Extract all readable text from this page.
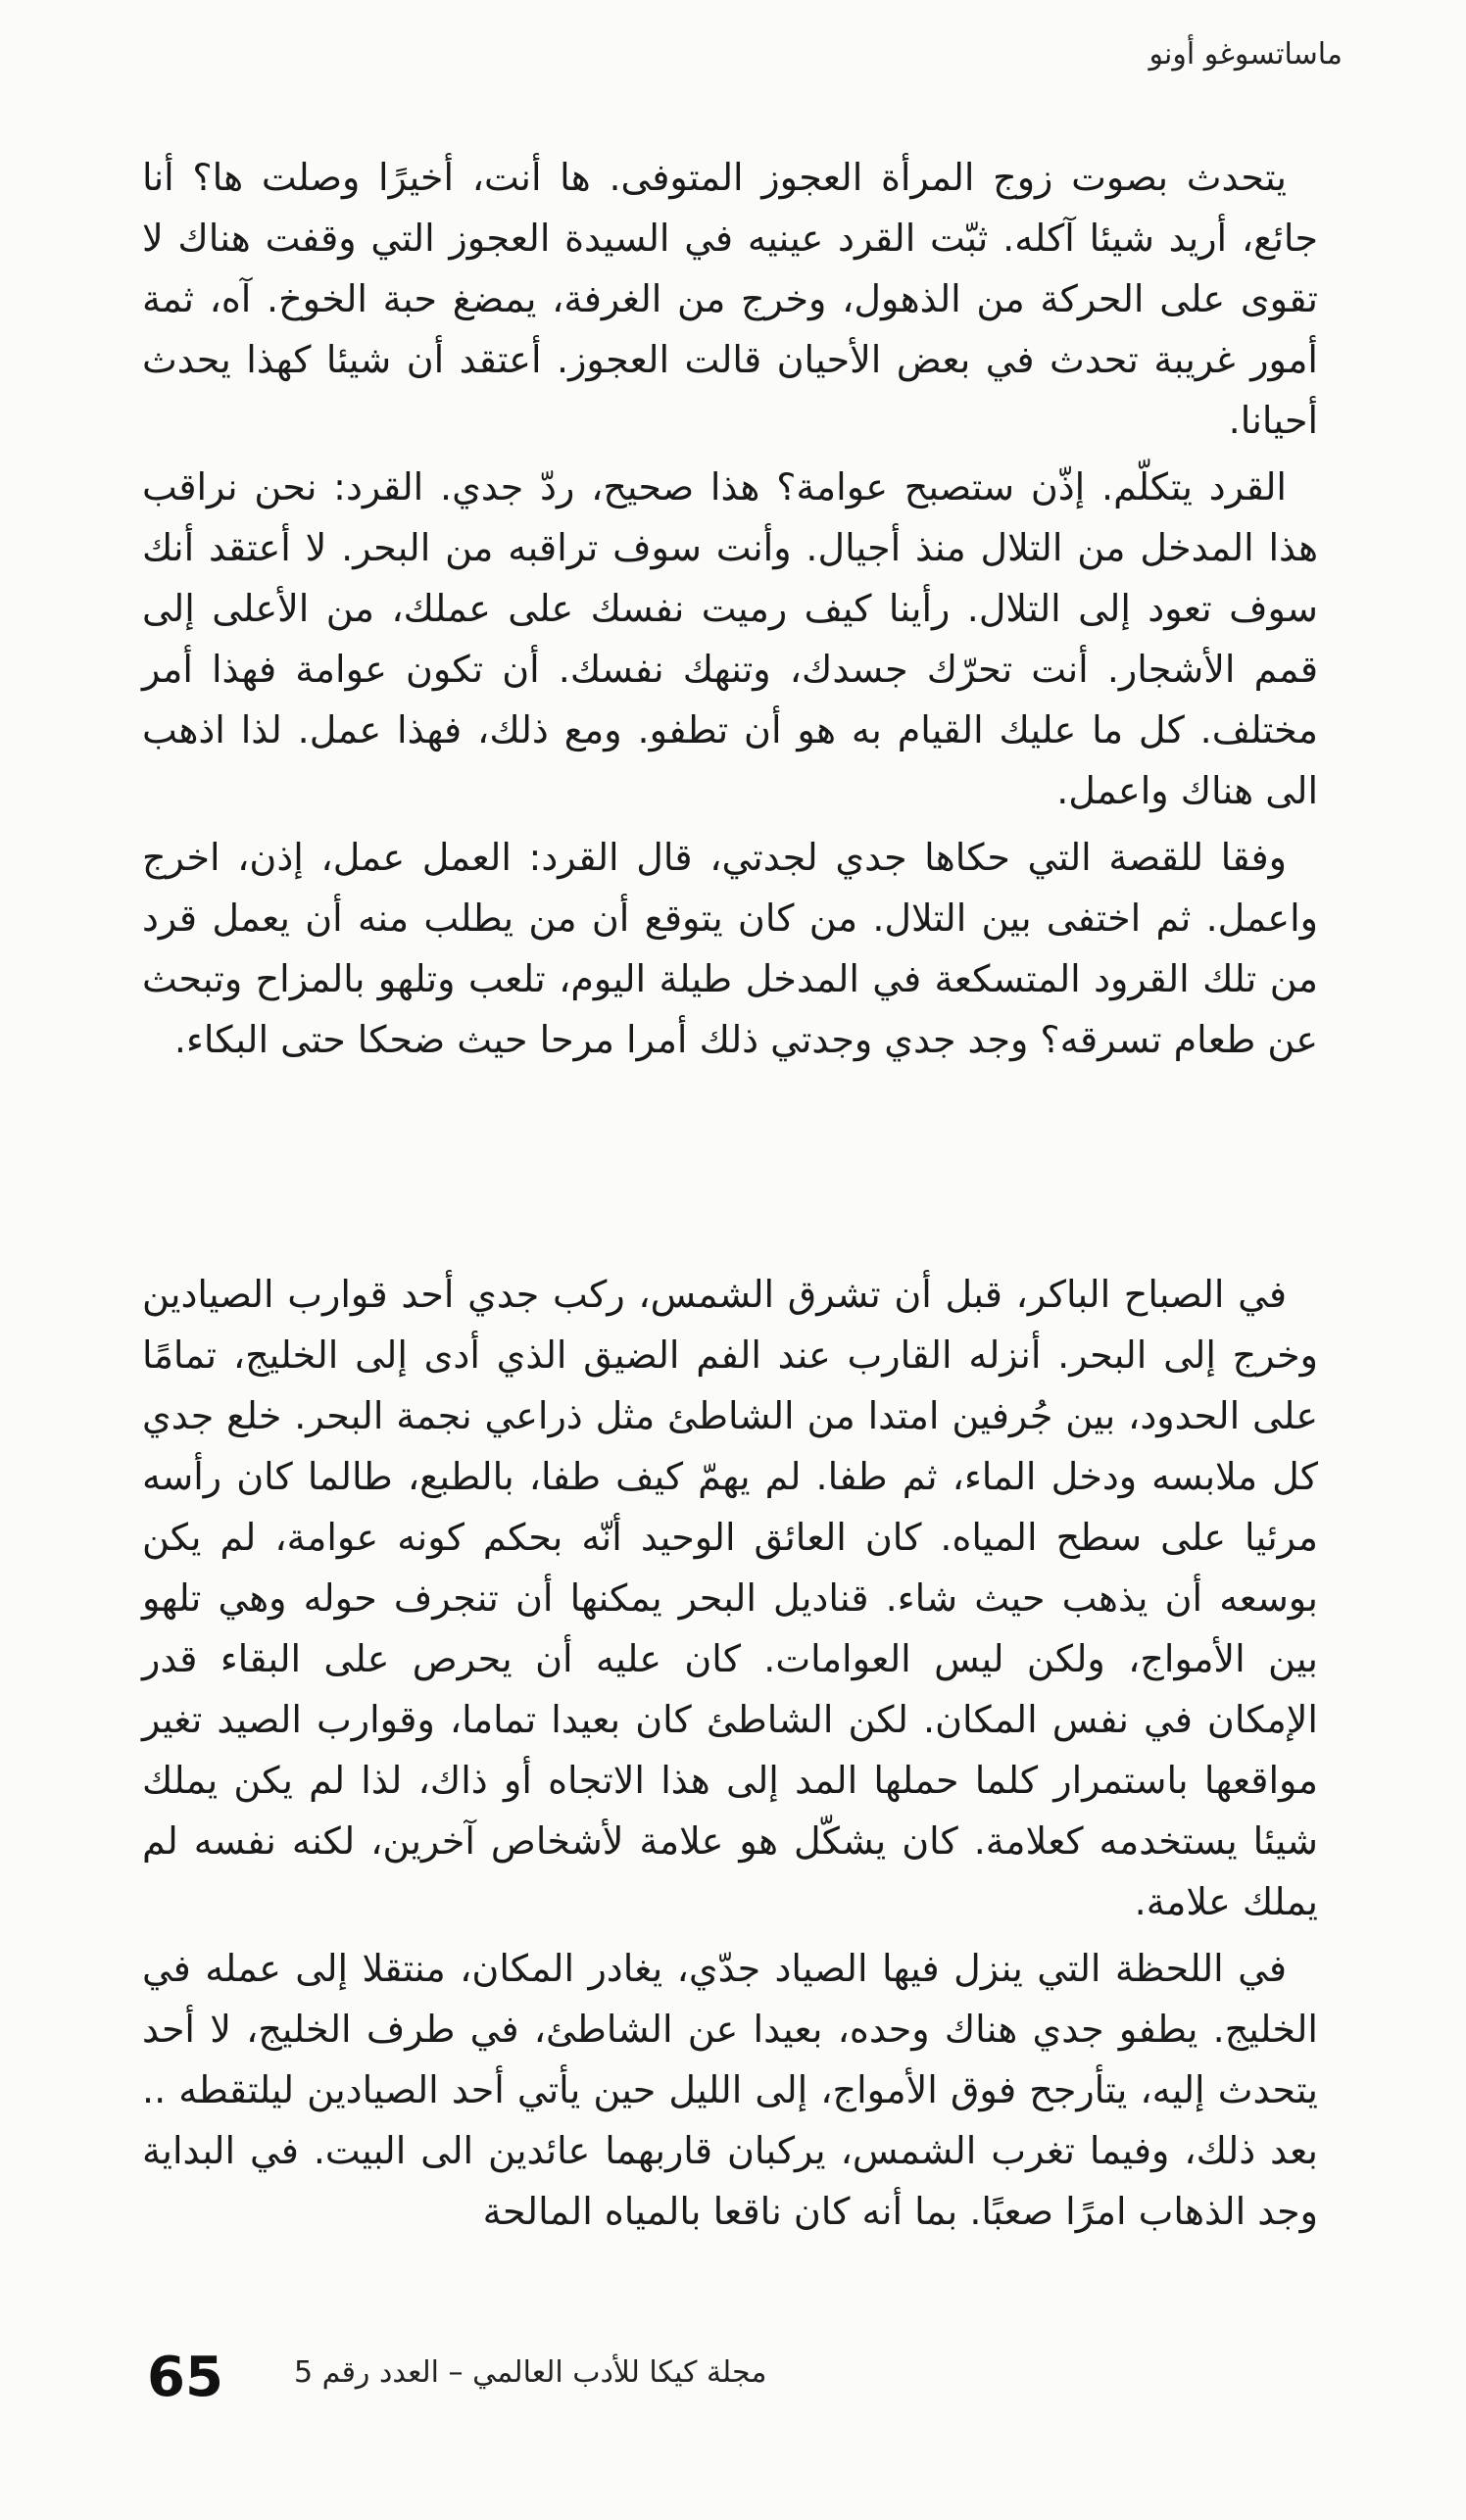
ماساتسوغو أونو

يتحدث بصوت زوج المرأة العجوز المتوفى. ها أنت، أخيرًا وصلت ها؟ أنا جائع، أريد شيئا آكله. ثبّت القرد عينيه في السيدة العجوز التي وقفت هناك لا تقوى على الحركة من الذهول، وخرج من الغرفة، يمضغ حبة الخوخ. آه، ثمة أمور غريبة تحدث في بعض الأحيان قالت العجوز. أعتقد أن شيئا كهذا يحدث أحيانا.

القرد يتكلّم. إذّن ستصبح عوامة؟ هذا صحيح، ردّ جدي. القرد: نحن نراقب هذا المدخل من التلال منذ أجيال. وأنت سوف تراقبه من البحر. لا أعتقد أنك سوف تعود إلى التلال. رأينا كيف رميت نفسك على عملك، من الأعلى إلى قمم الأشجار. أنت تحرّك جسدك، وتنهك نفسك. أن تكون عوامة فهذا أمر مختلف. كل ما عليك القيام به هو أن تطفو. ومع ذلك، فهذا عمل. لذا اذهب الى هناك واعمل.

وفقا للقصة التي حكاها جدي لجدتي، قال القرد: العمل عمل، إذن، اخرج واعمل. ثم اختفى بين التلال. من كان يتوقع أن من يطلب منه أن يعمل قرد من تلك القرود المتسكعة في المدخل طيلة اليوم، تلعب وتلهو بالمزاح وتبحث عن طعام تسرقه؟ وجد جدي وجدتي ذلك أمرا مرحا حيث ضحكا حتى البكاء.

في الصباح الباكر، قبل أن تشرق الشمس، ركب جدي أحد قوارب الصيادين وخرج إلى البحر. أنزله القارب عند الفم الضيق الذي أدى إلى الخليج، تمامًا على الحدود، بين جُرفين امتدا من الشاطئ مثل ذراعي نجمة البحر. خلع جدي كل ملابسه ودخل الماء، ثم طفا. لم يهمّ كيف طفا، بالطبع، طالما كان رأسه مرئيا على سطح المياه. كان العائق الوحيد أنّه بحكم كونه عوامة، لم يكن بوسعه أن يذهب حيث شاء. قناديل البحر يمكنها أن تنجرف حوله وهي تلهو بين الأمواج، ولكن ليس العوامات. كان عليه أن يحرص على البقاء قدر الإمكان في نفس المكان. لكن الشاطئ كان بعيدا تماما، وقوارب الصيد تغير مواقعها باستمرار كلما حملها المد إلى هذا الاتجاه أو ذاك، لذا لم يكن يملك شيئا يستخدمه كعلامة. كان يشكّل هو علامة لأشخاص آخرين، لكنه نفسه لم يملك علامة.

في اللحظة التي ينزل فيها الصياد جدّي، يغادر المكان، منتقلا إلى عمله في الخليج. يطفو جدي هناك وحده، بعيدا عن الشاطئ، في طرف الخليج، لا أحد يتحدث إليه، يتأرجح فوق الأمواج، إلى الليل حين يأتي أحد الصيادين ليلتقطه .. بعد ذلك، وفيما تغرب الشمس، يركبان قاربهما عائدين الى البيت. في البداية وجد الذهاب امرًا صعبًا. بما أنه كان ناقعا بالمياه المالحة

65 مجلة كيكا للأدب العالمي – العدد رقم 5
